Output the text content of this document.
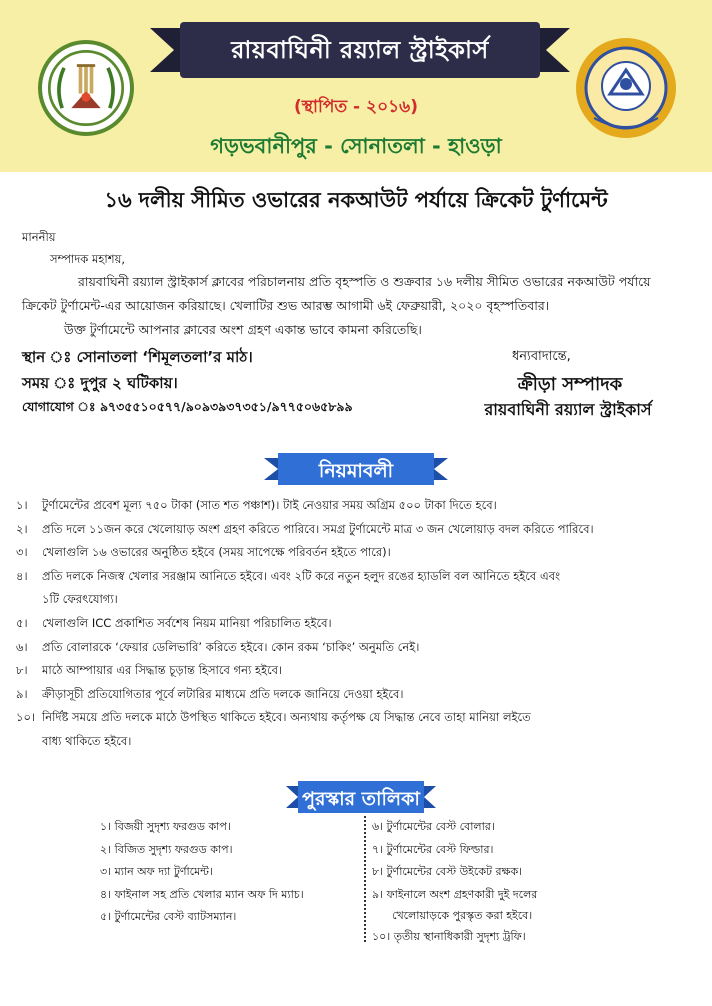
রায়বাঘিনী রয়্যাল স্ট্রাইকার্স
(স্থাপিত - ২০১৬)
গড়ভবানীপুর - সোনাতলা - হাওড়া
১৬ দলীয় সীমিত ওভারের নকআউট পর্যায়ে ক্রিকেট টুর্ণামেন্ট
মাননীয়
সম্পাদক মহাশয়,
রায়বাঘিনী রয়্যাল স্ট্রাইকার্স ক্লাবের পরিচালনায় প্রতি বৃহস্পতি ও শুক্রবার ১৬ দলীয় সীমিত ওভারের নকআউট পর্যায়ে
ক্রিকেট টুর্ণামেন্ট-এর আয়োজন করিয়াছে। খেলাটির শুভ আরম্ভ আগামী ৬ই ফেব্রুয়ারী, ২০২০ বৃহস্পতিবার।
উক্ত টুর্ণামেন্টে আপনার ক্লাবের অংশ গ্রহণ একান্ত ভাবে কামনা করিতেছি।
স্থান ঃ সোনাতলা ‘শিমূলতলা’র মাঠ।
সময় ঃ দুপুর ২ ঘটিকায়।
যোগাযোগ ঃ ৯৭৩৫৫১০৫৭৭/৯০৯৩৯৩৭৩৫১/৯৭৭৫০৬৫৮৯৯
ধন্যবাদান্তে,
ক্রীড়া সম্পাদক
রায়বাঘিনী রয়্যাল স্ট্রাইকার্স
নিয়মাবলী
১। টুর্ণামেন্টের প্রবেশ মূল্য ৭৫০ টাকা (সাত শত পঞ্চাশ)। টাই নেওয়ার সময় অগ্রিম ৫০০ টাকা দিতে হবে।
২। প্রতি দলে ১১জন করে খেলোয়াড় অংশ গ্রহণ করিতে পারিবে। সমগ্র টুর্ণামেন্টে মাত্র ৩ জন খেলোয়াড় বদল করিতে পারিবে।
৩। খেলাগুলি ১৬ ওভারের অনুষ্ঠিত হইবে (সময় সাপেক্ষে পরিবর্তন হইতে পারে)।
৪। প্রতি দলকে নিজস্ব খেলার সরঞ্জাম আনিতে হইবে। এবং ২টি করে নতুন হলুদ রঙের হ্যাডলি বল আনিতে হইবে এবং
১টি ফেরৎযোগ্য।
৫। খেলাগুলি ICC প্রকাশিত সর্বশেষ নিয়ম মানিয়া পরিচালিত হইবে।
৬। প্রতি বোলারকে ‘ফেয়ার ডেলিভারি’ করিতে হইবে। কোন রকম ‘চাকিং’ অনুমতি নেই।
৮। মাঠে আম্পায়ার এর সিদ্ধান্ত চূড়ান্ত হিসাবে গন্য হইবে।
৯। ক্রীড়াসূচী প্রতিযোগিতার পূর্বে লটারির মাধ্যমে প্রতি দলকে জানিয়ে দেওয়া হইবে।
১০। নির্দিষ্ট সময়ে প্রতি দলকে মাঠে উপস্থিত থাকিতে হইবে। অন্যথায় কর্তৃপক্ষ যে সিদ্ধান্ত নেবে তাহা মানিয়া লইতে
বাধ্য থাকিতে হইবে।
পুরস্কার তালিকা
১। বিজয়ী সুদৃশ্য ফরগুড কাপ।
২। বিজিত সুদৃশ্য ফরগুড কাপ।
৩। ম্যান অফ দ্যা টুর্ণামেন্ট।
৪। ফাইনাল সহ প্রতি খেলার ম্যান অফ দি ম্যাচ।
৫। টুর্ণামেন্টের বেস্ট ব্যাটসম্যান।
৬। টুর্ণামেন্টের বেস্ট বোলার।
৭। টুর্ণামেন্টের বেস্ট ফিল্ডার।
৮। টুর্ণামেন্টের বেস্ট উইকেট রক্ষক।
৯। ফাইনালে অংশ গ্রহণকারী দুই দলের
খেলোয়াড়কে পুরস্কৃত করা হইবে।
১০। তৃতীয় স্থানাধিকারী সুদৃশ্য ট্রফি।
